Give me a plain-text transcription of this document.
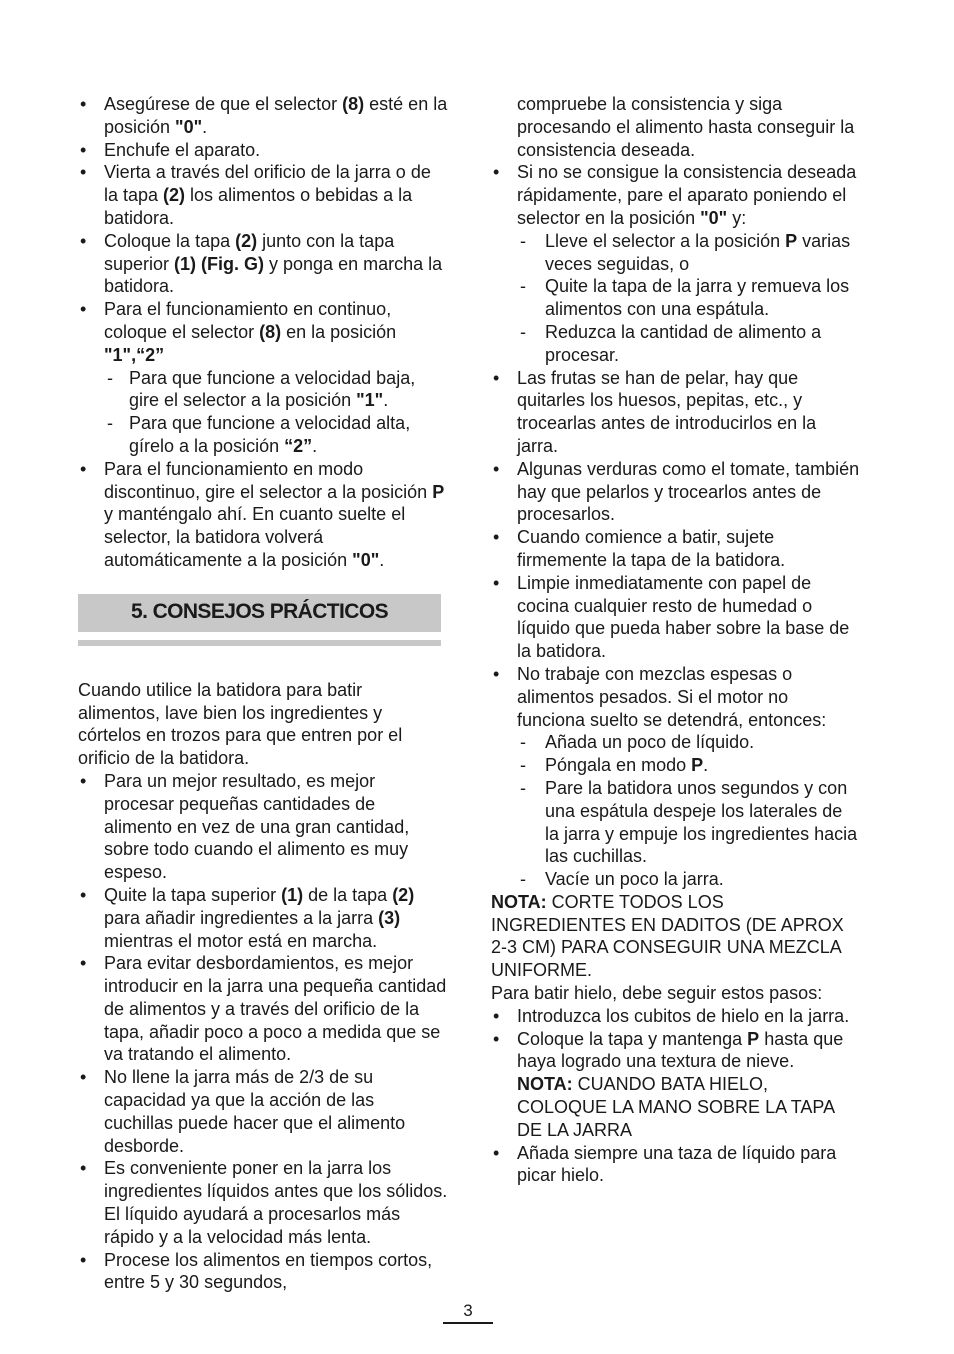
• Asegúrese de que el selector (8) esté en la posición "0".
• Enchufe el aparato.
• Vierta a través del orificio de la jarra o de la tapa (2) los alimentos o bebidas a la batidora.
• Coloque la tapa (2) junto con la tapa superior (1) (Fig. G) y ponga en marcha la batidora.
• Para el funcionamiento en continuo, coloque el selector (8) en la posición "1",“2”
- Para que funcione a velocidad baja, gire el selector a la posición "1".
- Para que funcione a velocidad alta, gírelo a la posición “2”.
• Para el funcionamiento en modo discontinuo, gire el selector a la posición P y manténgalo ahí. En cuanto suelte el selector, la batidora volverá automáticamente a la posición "0".
5. CONSEJOS PRÁCTICOS

Cuando utilice la batidora para batir alimentos, lave bien los ingredientes y córtelos en trozos para que entren por el orificio de la batidora.

• Para un mejor resultado, es mejor procesar pequeñas cantidades de alimento en vez de una gran cantidad, sobre todo cuando el alimento es muy espeso.
• Quite la tapa superior (1) de la tapa (2) para añadir ingredientes a la jarra (3) mientras el motor está en marcha.
• Para evitar desbordamientos, es mejor introducir en la jarra una pequeña cantidad de alimentos y a través del orificio de la tapa, añadir poco a poco a medida que se va tratando el alimento.
• No llene la jarra más de 2/3 de su capacidad ya que la acción de las cuchillas puede hacer que el alimento desborde.
• Es conveniente poner en la jarra los ingredientes líquidos antes que los sólidos. El líquido ayudará a procesarlos más rápido y a la velocidad más lenta.
• Procese los alimentos en tiempos cortos, entre 5 y 30 segundos,
compruebe la consistencia y siga procesando el alimento hasta conseguir la consistencia deseada.
• Si no se consigue la consistencia deseada rápidamente, pare el aparato poniendo el selector en la posición "0" y:
- Lleve el selector a la posición P varias veces seguidas, o
- Quite la tapa de la jarra y remueva los alimentos con una espátula.
- Reduzca la cantidad de alimento a procesar.
• Las frutas se han de pelar, hay que quitarles los huesos, pepitas, etc., y trocearlas antes de introducirlos en la jarra.
• Algunas verduras como el tomate, también hay que pelarlos y trocearlos antes de procesarlos.
• Cuando comience a batir, sujete firmemente la tapa de la batidora.
• Limpie inmediatamente con papel de cocina cualquier resto de humedad o líquido que pueda haber sobre la base de la batidora.
• No trabaje con mezclas espesas o alimentos pesados. Si el motor no funciona suelto se detendrá, entonces:
- Añada un poco de líquido.
- Póngala en modo P.
- Pare la batidora unos segundos y con una espátula despeje los laterales de la jarra y empuje los ingredientes hacia las cuchillas.
- Vacíe un poco la jarra.

NOTA: CORTE TODOS LOS INGREDIENTES EN DADITOS (DE APROX 2-3 CM) PARA CONSEGUIR UNA MEZCLA UNIFORME.

Para batir hielo, debe seguir estos pasos:

• Introduzca los cubitos de hielo en la jarra.
• Coloque la tapa y mantenga P hasta que haya logrado una textura de nieve.
NOTA: CUANDO BATA HIELO, COLOQUE LA MANO SOBRE LA TAPA DE LA JARRA
• Añada siempre una taza de líquido para picar hielo.
3
